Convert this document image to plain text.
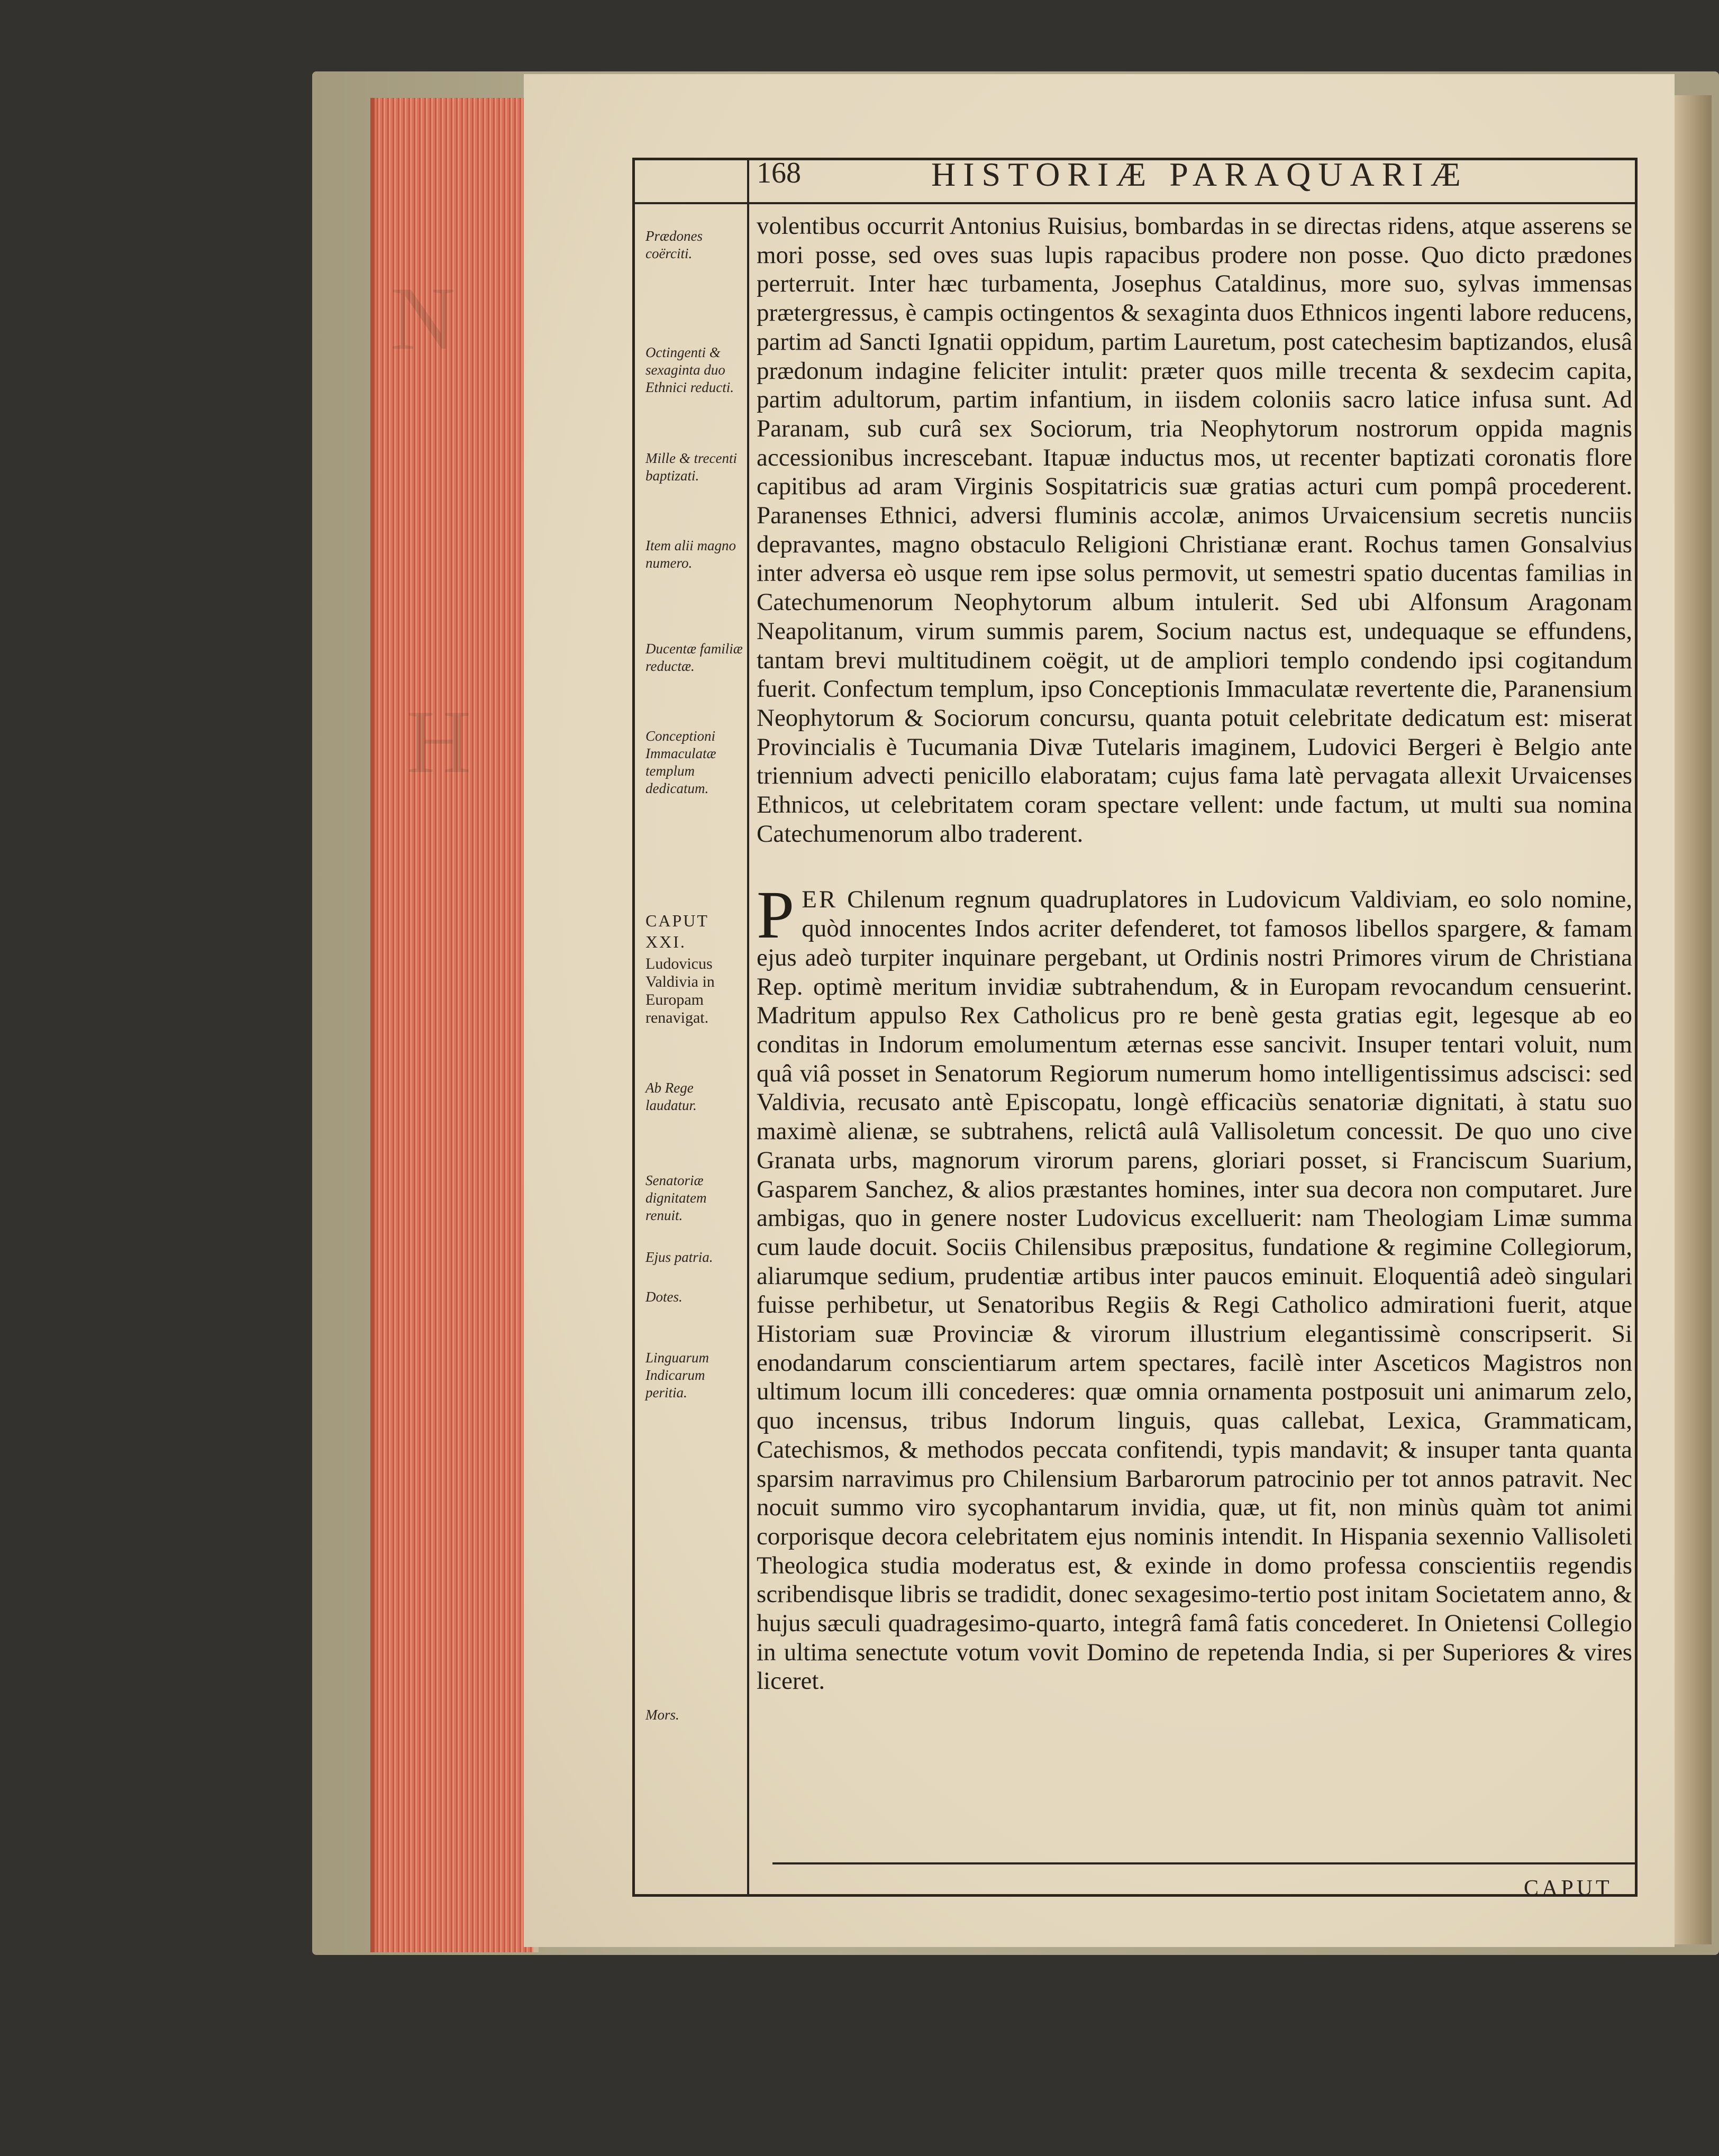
N
H
168	HISTORIÆ PARAQUARIÆ
Prædones coërciti.
Octingenti & sexaginta duo Ethnici reducti.
Mille & trecenti baptizati.
Item alii magno numero.
Ducentæ familiæ reductæ.
Conceptioni Immaculatæ templum dedicatum.
CAPUT XXI.
Ludovicus Valdivia in Europam renavigat.
Ab Rege laudatur.
Senatoriæ dignitatem renuit.
Ejus patria.
Dotes.
Linguarum Indicarum peritia.
Mors.

volentibus occurrit Antonius Ruisius, bombardas in se directas ridens, atque asserens se mori posse, sed oves suas lupis rapacibus prodere non posse. Quo dicto prædones perterruit. Inter hæc turbamenta, Josephus Cataldinus, more suo, sylvas immensas prætergressus, è campis octingentos & sexaginta duos Ethnicos ingenti labore reducens, partim ad Sancti Ignatii oppidum, partim Lauretum, post catechesim baptizandos, elusâ prædonum indagine feliciter intulit: præter quos mille trecenta & sexdecim capita, partim adultorum, partim infantium, in iisdem coloniis sacro latice infusa sunt. Ad Paranam, sub curâ sex Sociorum, tria Neophytorum nostrorum oppida magnis accessionibus increscebant. Itapuæ inductus mos, ut recenter baptizati coronatis flore capitibus ad aram Virginis Sospitatricis suæ gratias acturi cum pompâ procederent. Paranenses Ethnici, adversi fluminis accolæ, animos Urvaicensium secretis nunciis depravantes, magno obstaculo Religioni Christianæ erant. Rochus tamen Gonsalvius inter adversa eò usque rem ipse solus permovit, ut semestri spatio ducentas familias in Catechumenorum Neophytorum album intulerit. Sed ubi Alfonsum Aragonam Neapolitanum, virum summis parem, Socium nactus est, undequaque se effundens, tantam brevi multitudinem coëgit, ut de ampliori templo condendo ipsi cogitandum fuerit. Confectum templum, ipso Conceptionis Immaculatæ revertente die, Paranensium Neophytorum & Sociorum concursu, quanta potuit celebritate dedicatum est: miserat Provincialis è Tucumania Divæ Tutelaris imaginem, Ludovici Bergeri è Belgio ante triennium advecti penicillo elaboratam; cujus fama latè pervagata allexit Urvaicenses Ethnicos, ut celebritatem coram spectare vellent: unde factum, ut multi sua nomina Catechumenorum albo traderent.

PER Chilenum regnum quadruplatores in Ludovicum Valdiviam, eo solo nomine, quòd innocentes Indos acriter defenderet, tot famosos libellos spargere, & famam ejus adeò turpiter inquinare pergebant, ut Ordinis nostri Primores virum de Christiana Rep. optimè meritum invidiæ subtrahendum, & in Europam revocandum censuerint. Madritum appulso Rex Catholicus pro re benè gesta gratias egit, legesque ab eo conditas in Indorum emolumentum æternas esse sancivit. Insuper tentari voluit, num quâ viâ posset in Senatorum Regiorum numerum homo intelligentissimus adscisci: sed Valdivia, recusato antè Episcopatu, longè efficaciùs senatoriæ dignitati, à statu suo maximè alienæ, se subtrahens, relictâ aulâ Vallisoletum concessit. De quo uno cive Granata urbs, magnorum virorum parens, gloriari posset, si Franciscum Suarium, Gasparem Sanchez, & alios præstantes homines, inter sua decora non computaret. Jure ambigas, quo in genere noster Ludovicus excelluerit: nam Theologiam Limæ summa cum laude docuit. Sociis Chilensibus præpositus, fundatione & regimine Collegiorum, aliarumque sedium, prudentiæ artibus inter paucos eminuit. Eloquentiâ adeò singulari fuisse perhibetur, ut Senatoribus Regiis & Regi Catholico admirationi fuerit, atque Historiam suæ Provinciæ & virorum illustrium elegantissimè conscripserit. Si enodandarum conscientiarum artem spectares, facilè inter Asceticos Magistros non ultimum locum illi concederes: quæ omnia ornamenta postposuit uni animarum zelo, quo incensus, tribus Indorum linguis, quas callebat, Lexica, Grammaticam, Catechismos, & methodos peccata confitendi, typis mandavit; & insuper tanta quanta sparsim narravimus pro Chilensium Barbarorum patrocinio per tot annos patravit. Nec nocuit summo viro sycophantarum invidia, quæ, ut fit, non minùs quàm tot animi corporisque decora celebritatem ejus nominis intendit. In Hispania sexennio Vallisoleti Theologica studia moderatus est, & exinde in domo professa conscientiis regendis scribendisque libris se tradidit, donec sexagesimo-tertio post initam Societatem anno, & hujus sæculi quadragesimo-quarto, integrâ famâ fatis concederet. In Onietensi Collegio in ultima senectute votum vovit Domino de repetenda India, si per Superiores & vires liceret.

CAPUT
